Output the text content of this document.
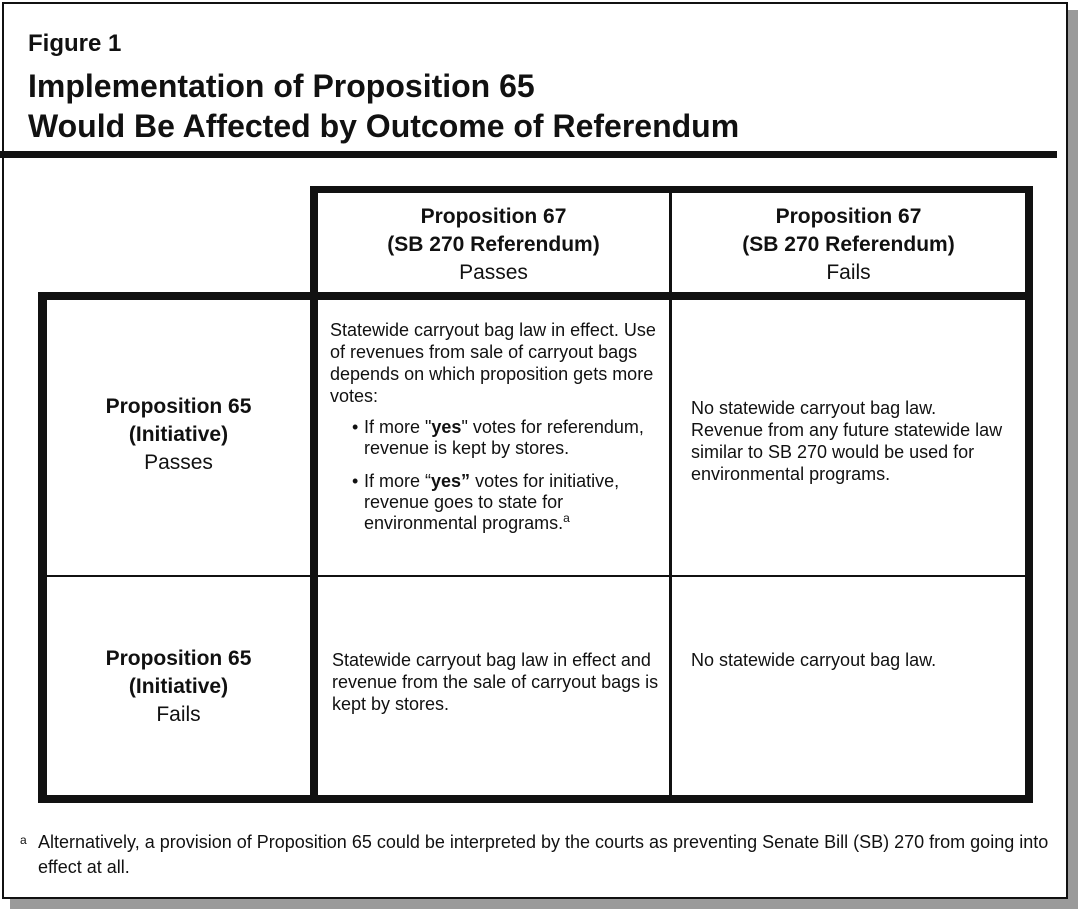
Figure 1

Implementation of Proposition 65
Would Be Affected by Outcome of Referendum
Proposition 67
(SB 270 Referendum)
Passes
Proposition 67
(SB 270 Referendum)
Fails
Proposition 65
(Initiative)
Passes
Proposition 65
(Initiative)
Fails

Statewide carryout bag law in effect. Use of revenues from sale of carryout bags depends on which proposition gets more votes:

• If more "yes" votes for referendum, revenue is kept by stores.
• If more “yes” votes for initiative, revenue goes to state for environmental programs.$^a$
No statewide carryout bag law. Revenue from any future statewide law similar to SB 270 would be used for environmental programs.
Statewide carryout bag law in effect and revenue from the sale of carryout bags is kept by stores.
No statewide carryout bag law.
a Alternatively, a provision of Proposition 65 could be interpreted by the courts as preventing Senate Bill (SB) 270 from going into effect at all.
